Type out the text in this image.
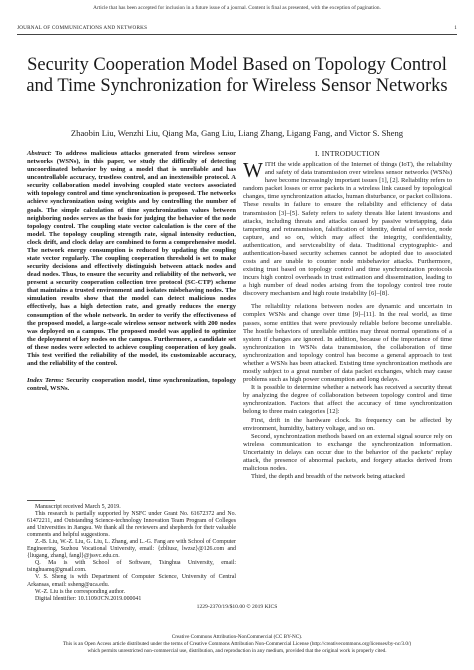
Article that has been accepted for inclusion in a future issue of a journal. Content is final as presented, with the exception of pagination.
JOURNAL OF COMMUNICATIONS AND NETWORKS	1
Security Cooperation Model Based on Topology Control and Time Synchronization for Wireless Sensor Networks
Zhaobin Liu, Wenzhi Liu, Qiang Ma, Gang Liu, Liang Zhang, Ligang Fang, and Victor S. Sheng
Abstract: To address malicious attacks generated from wireless sensor networks (WSNs), in this paper, we study the difficulty of detecting uncoordinated behavior by using a model that is unreliable and has uncontrollable accuracy, trustless control, and an inextensible protocol. A security collaboration model involving coupled state vectors associated with topology control and time synchronization is proposed. The networks achieve synchronization using weights and by controlling the number of goals. The simple calculation of time synchronization values between neighboring nodes serves as the basis for judging the behavior of the node topology control. The coupling state vector calculation is the core of the model. The topology coupling strength rate, signal intensity reduction, clock drift, and clock delay are combined to form a comprehensive model. The network energy consumption is reduced by updating the coupling state vector regularly. The coupling cooperation threshold is set to make security decisions and effectively distinguish between attack nodes and dead nodes. Thus, to ensure the security and reliability of the network, we present a security cooperation collection tree protocol (SC-CTP) scheme that maintains a trusted environment and isolates misbehaving nodes. The simulation results show that the model can detect malicious nodes effectively, has a high detection rate, and greatly reduces the energy consumption of the whole network. In order to verify the effectiveness of the proposed model, a large-scale wireless sensor network with 200 nodes was deployed on a campus. The proposed model was applied to optimize the deployment of key nodes on the campus. Furthermore, a candidate set of these nodes were selected to achieve coupling cooperation of key goals. This test verified the reliability of the model, its customizable accuracy, and the reliability of the control.
Index Terms: Security cooperation model, time synchronization, topology control, WSNs.

Manuscript received March 5, 2019.

This research is partially supported by NSFC under Grant No. 61672372 and No. 61472211, and Outstanding Science-technology Innovation Team Program of Colleges and Universities in Jiangsu. We thank all the reviewers and shepherds for their valuable comments and helpful suggestions.

Z.-B. Liu, W.-Z. Liu, G. Liu, L. Zhang, and L.-G. Fang are with School of Computer Engineering, Suzhou Vocational University, email: {zbliusz, lwzsz}@126.com and {liugang, zhangl, fangl}@jssvc.edu.cn.

Q. Ma is with School of Software, Tsinghua University, email: tsinghuamq@gmail.com.

V. S. Sheng is with Department of Computer Science, University of Central Arkansas, email: ssheng@uca.edu.

W.-Z. Liu is the corresponding author.

Digital Identifier: 10.1109/JCN.2019.000041

I. INTRODUCTION

WITH the wide application of the Internet of things (IoT), the reliability and safety of data transmission over wireless sensor networks (WSNs) have become increasingly important issues [1], [2]. Reliability refers to random packet losses or error packets in a wireless link caused by topological changes, time synchronization attacks, human disturbance, or packet collisions. These results in failure to ensure the reliability and efficiency of data transmission [3]–[5]. Safety refers to safety threats like latent invasions and attacks, including threats and attacks caused by passive wiretapping, data tampering and retransmission, falsification of identity, denial of service, node capture, and so on, which may affect the integrity, confidentiality, authentication, and serviceability of data. Traditional cryptographic- and authentication-based security schemes cannot be adopted due to associated costs and are unable to counter node misbehavior attacks. Furthermore, existing trust based on topology control and time synchronization protocols incurs high control overheads in trust estimation and dissemination, leading to a high number of dead nodes arising from the topology control tree route discovery mechanism and high route instability [6]–[8].

The reliability relations between nodes are dynamic and uncertain in complex WSNs and change over time [9]–[11]. In the real world, as time passes, some entities that were previously reliable before become unreliable. The hostile behaviors of unreliable entities may threat normal operations of a system if changes are ignored. In addition, because of the importance of time synchronization in WSNs data transmission, the collaboration of time synchronization and topology control has become a general approach to test whether a WSNs has been attacked. Existing time synchronization methods are mostly subject to a great number of data packet exchanges, which may cause problems such as high power consumption and long delays.

It is possible to determine whether a network has received a security threat by analyzing the degree of collaboration between topology control and time synchronization. Factors that affect the accuracy of time synchronization belong to three main categories [12]:

First, drift in the hardware clock. Its frequency can be affected by environment, humidity, battery voltage, and so on.

Second, synchronization methods based on an external signal source rely on wireless communication to exchange the synchronization information. Uncertainty in delays can occur due to the behavior of the packets’ replay attack, the presence of abnormal packets, and forgery attacks derived from malicious nodes.

Third, the depth and breadth of the network being attacked

1229-2370/19/$10.00 © 2019 KICS
Creative Commons Attribution-NonCommercial (CC BY-NC).
This is an Open Access article distributed under the terms of Creative Commons Attribution Non-Commercial License (http://creativecommons.org/licenses/by-nc/3.0/)
which permits unrestricted non-commercial use, distribution, and reproduction in any medium, provided that the original work is properly cited.
